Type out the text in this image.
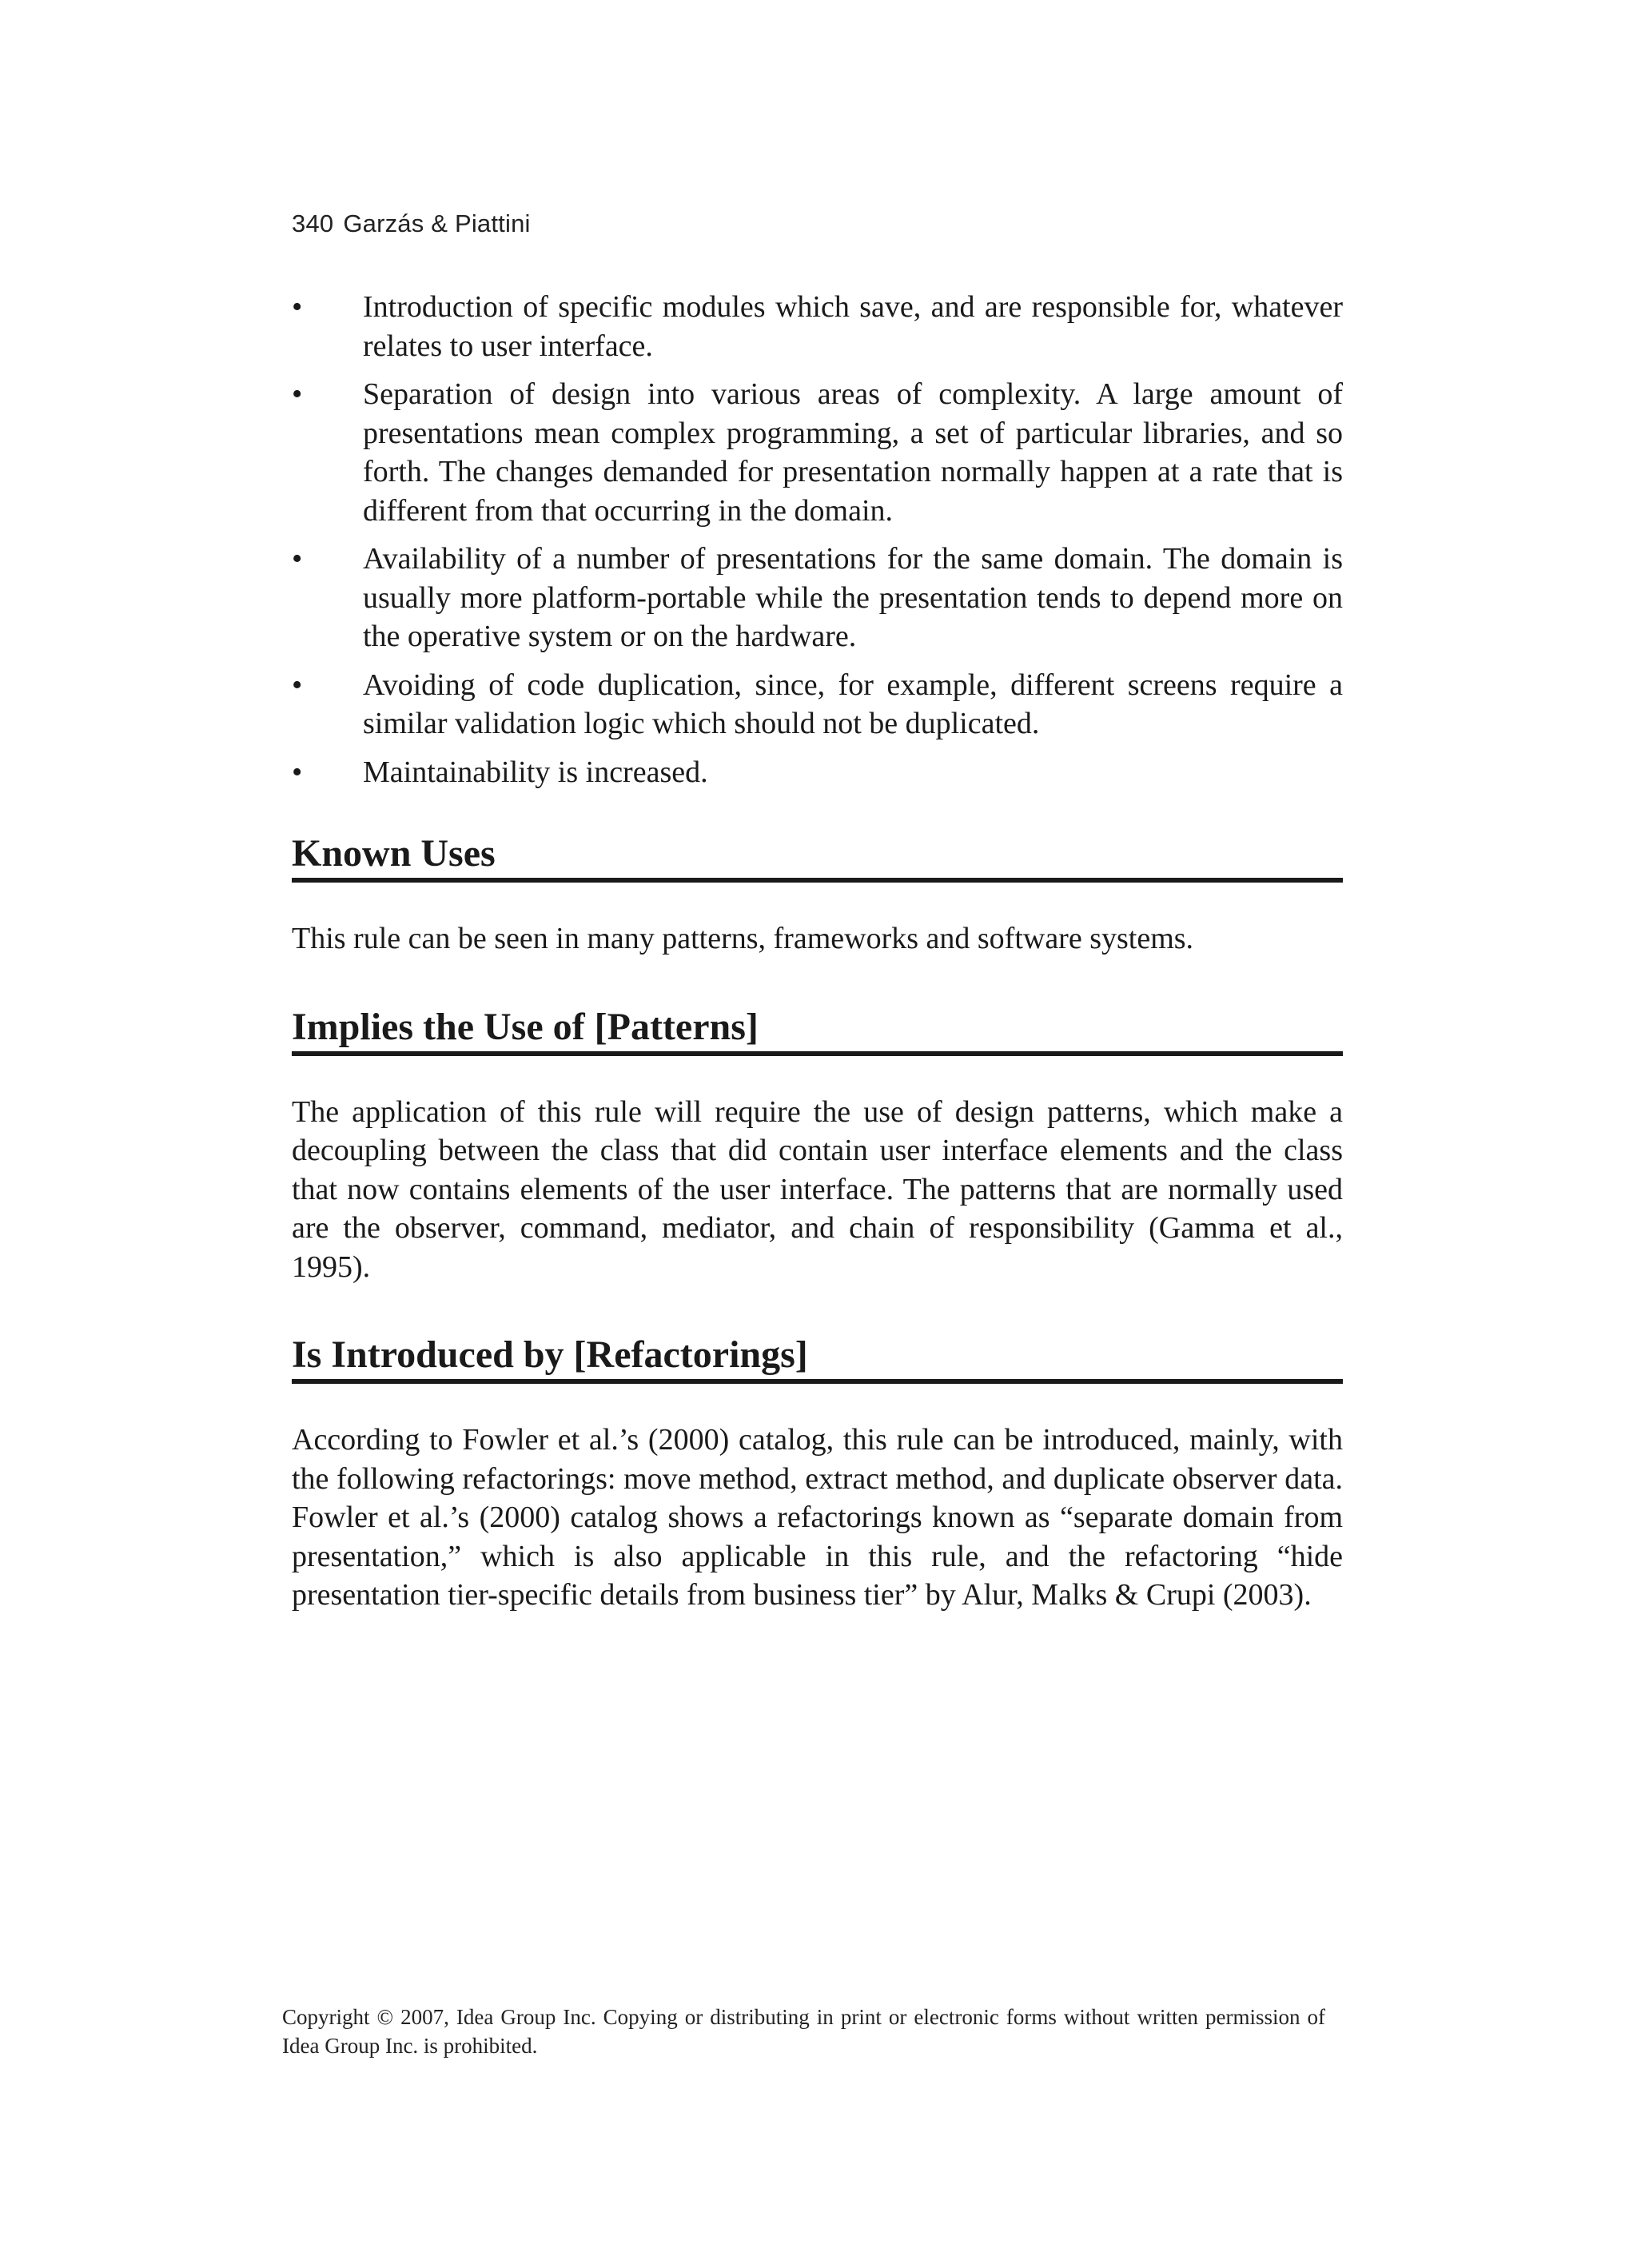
340 Garzás & Piattini
• Introduction of specific modules which save, and are responsible for, whatever relates to user interface.
• Separation of design into various areas of complexity. A large amount of presentations mean complex programming, a set of particular libraries, and so forth. The changes demanded for presentation normally happen at a rate that is different from that occurring in the domain.
• Availability of a number of presentations for the same domain. The domain is usually more platform-portable while the presentation tends to depend more on the operative system or on the hardware.
• Avoiding of code duplication, since, for example, different screens require a similar validation logic which should not be duplicated.
• Maintainability is increased.
Known Uses

This rule can be seen in many patterns, frameworks and software systems.

Implies the Use of [Patterns]

The application of this rule will require the use of design patterns, which make a decoupling between the class that did contain user interface elements and the class that now contains elements of the user interface. The patterns that are normally used are the observer, command, mediator, and chain of responsibility (Gamma et al., 1995).

Is Introduced by [Refactorings]

According to Fowler et al.’s (2000) catalog, this rule can be introduced, mainly, with the following refactorings: move method, extract method, and duplicate observer data. Fowler et al.’s (2000) catalog shows a refactorings known as “separate domain from presentation,” which is also applicable in this rule, and the refactoring “hide presentation tier-specific details from business tier” by Alur, Malks & Crupi (2003).

Copyright © 2007, Idea Group Inc. Copying or distributing in print or electronic forms without written permission of Idea Group Inc. is prohibited.
